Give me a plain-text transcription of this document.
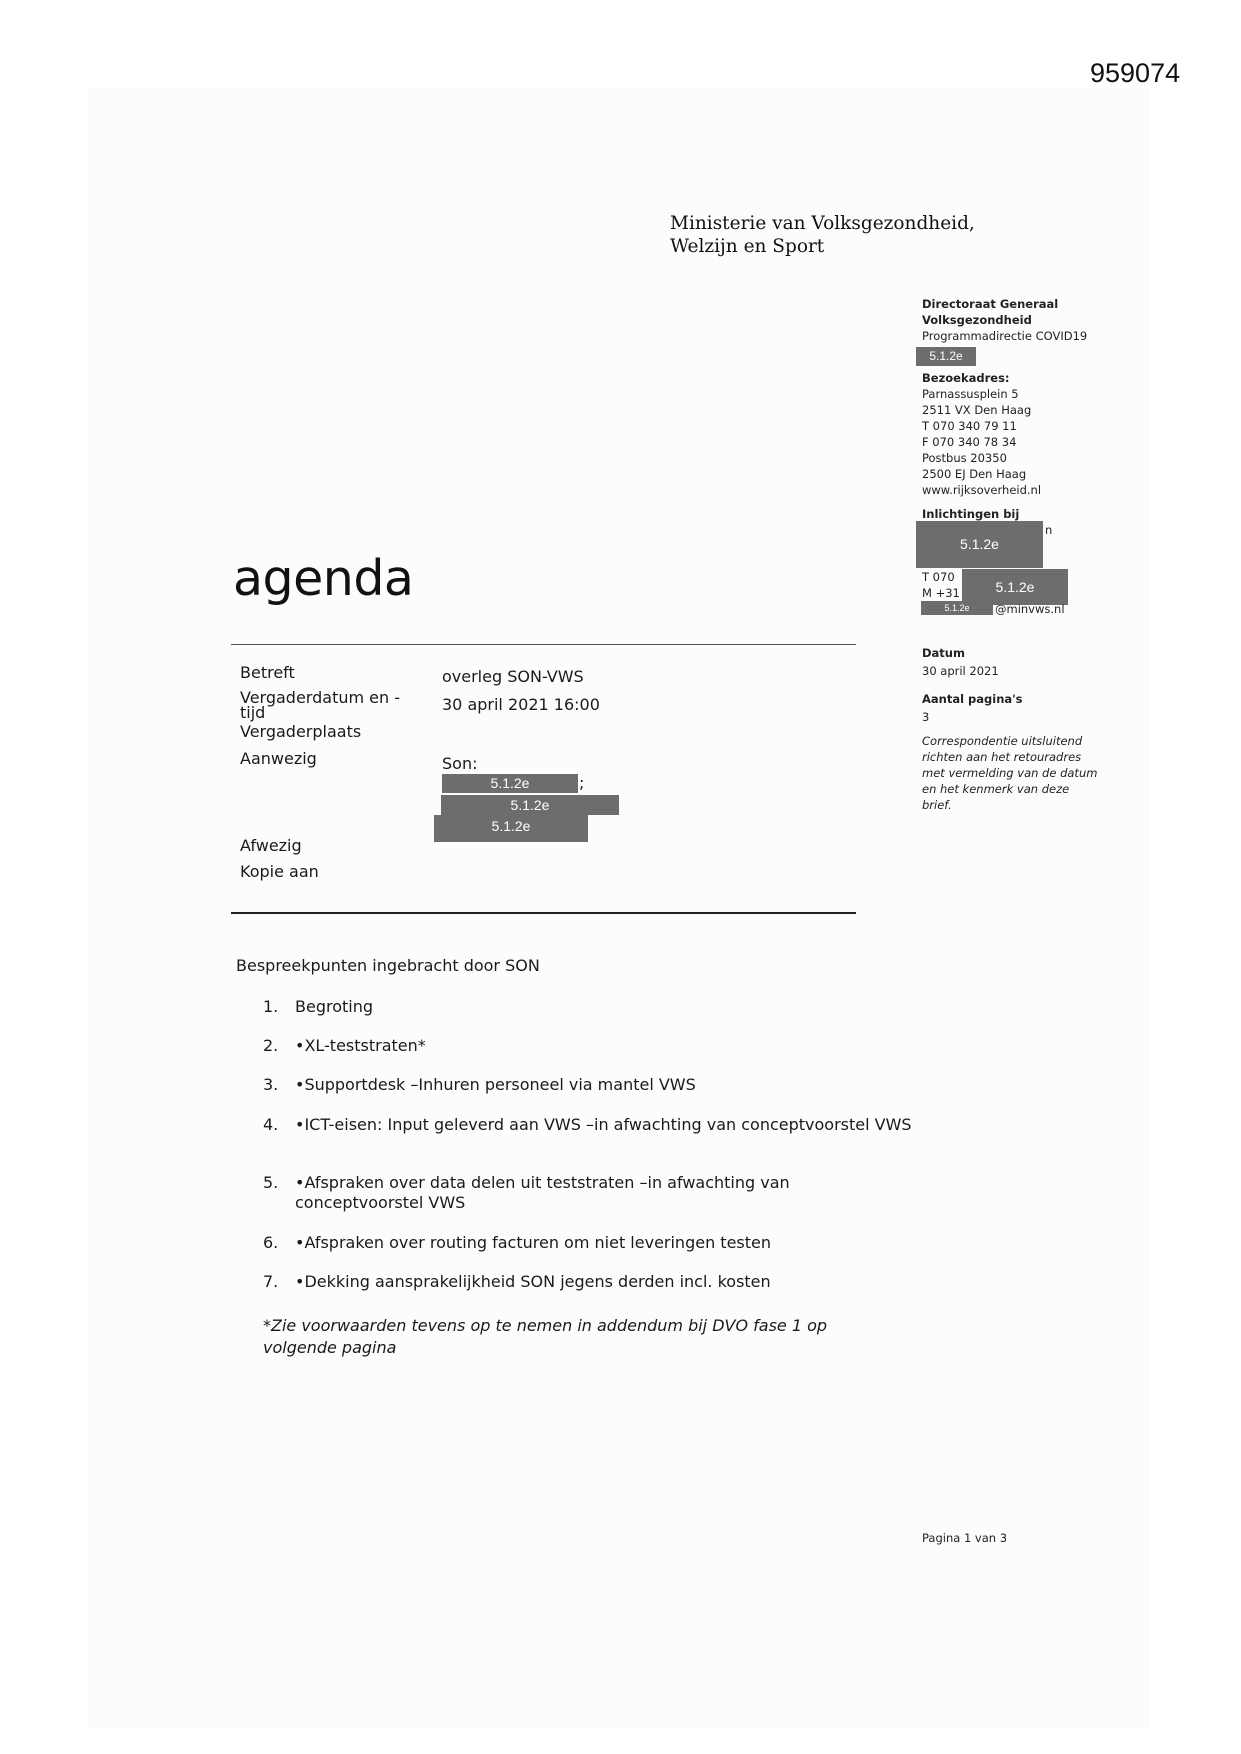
959074
Ministerie van Volksgezondheid,
Welzijn en Sport
Directoraat Generaal
Volksgezondheid
Programmadirectie COVID19
5.1.2e
Bezoekadres:
Parnassusplein 5
2511 VX Den Haag
T 070 340 79 11
F 070 340 78 34
Postbus 20350
2500 EJ Den Haag
www.rijksoverheid.nl
Inlichtingen bij
n
5.1.2e
T 070
M +31	5.1.2e
5.1.2e	@minvws.nl
Datum
30 april 2021
Aantal pagina's
3
Correspondentie uitsluitend
richten aan het retouradres
met vermelding van de datum
en het kenmerk van deze
brief.
agenda
Betreft	overleg SON-VWS
Vergaderdatum en -
tijd	30 april 2021 16:00
Vergaderplaats
Aanwezig	Son:
5.1.2e	;
5.1.2e
5.1.2e
Afwezig
Kopie aan
Bespreekpunten ingebracht door SON
1.	Begroting
2.	•XL-teststraten*
3.	•Supportdesk –Inhuren personeel via mantel VWS
4.	•ICT-eisen: Input geleverd aan VWS –in afwachting van conceptvoorstel VWS
5.	•Afspraken over data delen uit teststraten –in afwachting van conceptvoorstel VWS
6.	•Afspraken over routing facturen om niet leveringen testen
7.	•Dekking aansprakelijkheid SON jegens derden incl. kosten
*Zie voorwaarden tevens op te nemen in addendum bij DVO fase 1 op volgende pagina
Pagina 1 van 3
